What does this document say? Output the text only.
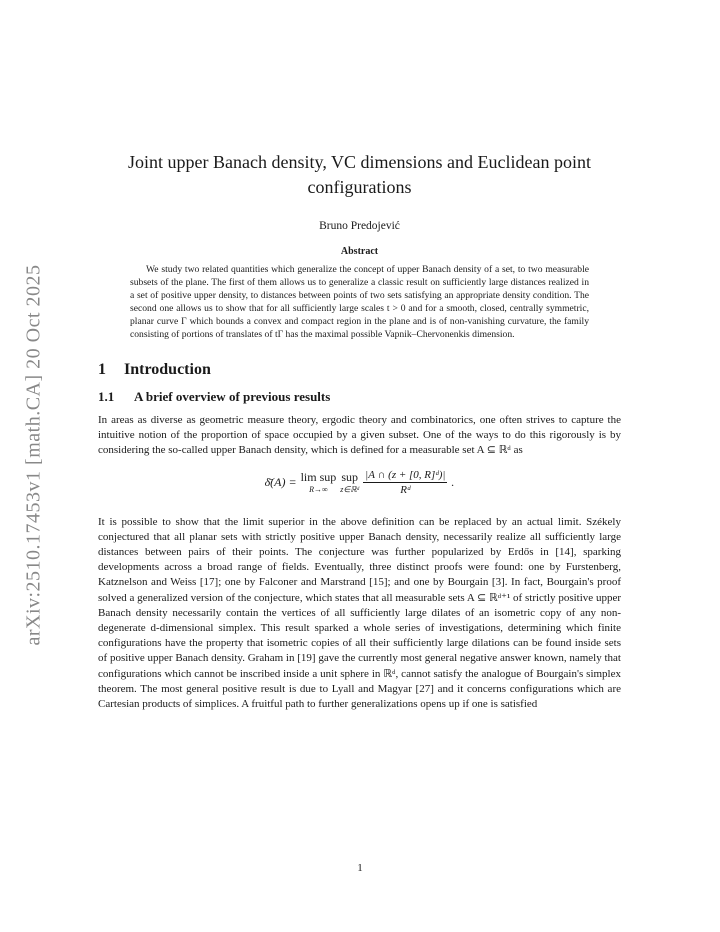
arXiv:2510.17453v1 [math.CA] 20 Oct 2025
Joint upper Banach density, VC dimensions and Euclidean point configurations
Bruno Predojević
Abstract
We study two related quantities which generalize the concept of upper Banach density of a set, to two measurable subsets of the plane. The first of them allows us to generalize a classic result on sufficiently large distances realized in a set of positive upper density, to distances between points of two sets satisfying an appropriate density condition. The second one allows us to show that for all sufficiently large scales t > 0 and for a smooth, closed, centrally symmetric, planar curve Γ which bounds a convex and compact region in the plane and is of non-vanishing curvature, the family consisting of portions of translates of tΓ has the maximal possible Vapnik–Chervonenkis dimension.
1 Introduction
1.1 A brief overview of previous results

In areas as diverse as geometric measure theory, ergodic theory and combinatorics, one often strives to capture the intuitive notion of the proportion of space occupied by a given subset. One of the ways to do this rigorously is by considering the so-called upper Banach density, which is defined for a measurable set A ⊆ ℝᵈ as

δ̄(A) = lim sup
R→∞
sup
z∈ℝᵈ $\frac{\text{|A ∩ (z + [0, R]ᵈ)|}}{\text{Rᵈ}}$ .

It is possible to show that the limit superior in the above definition can be replaced by an actual limit. Székely conjectured that all planar sets with strictly positive upper Banach density, necessarily realize all sufficiently large distances between pairs of their points. The conjecture was further popularized by Erdős in [14], sparking developments across a broad range of fields. Eventually, three distinct proofs were found: one by Furstenberg, Katznelson and Weiss [17]; one by Falconer and Marstrand [15]; and one by Bourgain [3]. In fact, Bourgain's proof solved a generalized version of the conjecture, which states that all measurable sets A ⊆ ℝᵈ⁺¹ of strictly positive upper Banach density necessarily contain the vertices of all sufficiently large dilates of an isometric copy of any non-degenerate d-dimensional simplex. This result sparked a whole series of investigations, determining which finite configurations have the property that isometric copies of all their sufficiently large dilations can be found inside sets of positive upper Banach density. Graham in [19] gave the currently most general negative answer known, namely that configurations which cannot be inscribed inside a unit sphere in ℝᵈ, cannot satisfy the analogue of Bourgain's simplex theorem. The most general positive result is due to Lyall and Magyar [27] and it concerns configurations which are Cartesian products of simplices. A fruitful path to further generalizations opens up if one is satisfied

1
